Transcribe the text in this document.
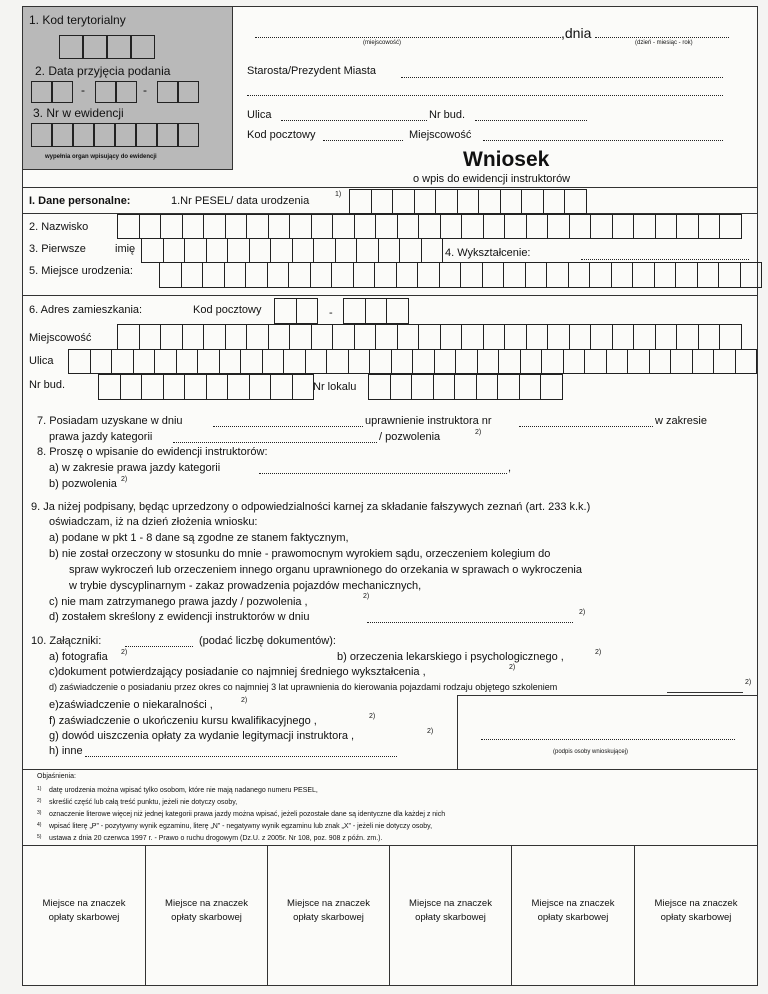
1. Kod terytorialny
2. Data przyjęcia podania
-	-
3. Nr w ewidencji
wypełnia organ wpisujący do ewidencji
,dnia
(miejscowość)	(dzień - miesiąc - rok)
Starosta/Prezydent Miasta
Ulica	Nr bud.
Kod pocztowy	Miejscowość
Wniosek
o wpis do ewidencji instruktorów
I. Dane personalne:	1.Nr PESEL/ data urodzenia
1)
2. Nazwisko
3. Pierwsze	imię	4. Wykształcenie:
5. Miejsce urodzenia:
6. Adres zamieszkania:	Kod pocztowy	-
Miejscowość
Ulica
Nr bud.	Nr lokalu
7. Posiadam uzyskane w dniu	uprawnienie instruktora nr	w zakresie
prawa jazdy kategorii	/ pozwolenia	2)
8. Proszę o wpisanie do ewidencji instruktorów:
a) w zakresie prawa jazdy kategorii	,
b) pozwolenia 2)
9. Ja niżej podpisany, będąc uprzedzony o odpowiedzialności karnej za składanie fałszywych zeznań (art. 233 k.k.)
oświadczam, iż na dzień złożenia wniosku:
a) podane w pkt 1 - 8 dane są zgodne ze stanem faktycznym,
b) nie został orzeczony w stosunku do mnie - prawomocnym wyrokiem sądu, orzeczeniem kolegium do
spraw wykroczeń lub orzeczeniem innego organu uprawnionego do orzekania w sprawach o wykroczenia
w trybie dyscyplinarnym - zakaz prowadzenia pojazdów mechanicznych,
c) nie mam zatrzymanego prawa jazdy / pozwolenia ,	2)
d) zostałem skreślony z ewidencji instruktorów w dniu	2)
10. Załączniki:	(podać liczbę dokumentów):
a) fotografia 2)	b) orzeczenia lekarskiego i psychologicznego ,	2)
c)dokument potwierdzający posiadanie co najmniej średniego wykształcenia ,	2)
d) zaświadczenie o posiadaniu przez okres co najmniej 3 lat uprawnienia do kierowania pojazdami rodzaju objętego szkoleniem	2)
e)zaświadczenie o niekaralności ,	2)
f) zaświadczenie o ukończeniu kursu kwalifikacyjnego ,	2)
g) dowód uiszczenia opłaty za wydanie legitymacji instruktora ,	2)
h) inne	(podpis osoby wnioskującej)
Objaśnienia:
1) datę urodzenia można wpisać tylko osobom, które nie mają nadanego numeru PESEL,
2) skreślić część lub całą treść punktu, jeżeli nie dotyczy osoby,
3) oznaczenie literowe więcej niż jednej kategorii prawa jazdy można wpisać, jeżeli pozostałe dane są identyczne dla każdej z nich
4) wpisać literę „P” - pozytywny wynik egzaminu, literę „N” - negatywny wynik egzaminu lub znak „X” - jeżeli nie dotyczy osoby,
5) ustawa z dnia 20 czerwca 1997 r. - Prawo o ruchu drogowym (Dz.U. z 2005r. Nr 108, poz. 908 z późn. zm.).
Miejsce na znaczek
opłaty skarbowej
Miejsce na znaczek
opłaty skarbowej
Miejsce na znaczek
opłaty skarbowej
Miejsce na znaczek
opłaty skarbowej
Miejsce na znaczek
opłaty skarbowej
Miejsce na znaczek
opłaty skarbowej
